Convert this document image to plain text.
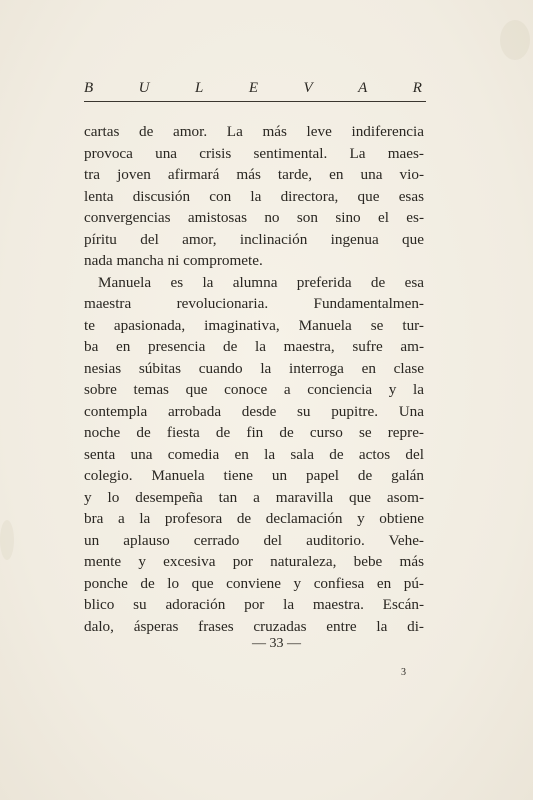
B	U	L	E	V	A	R
cartas de amor. La más leve indiferencia
provoca una crisis sentimental. La maes-
tra joven afirmará más tarde, en una vio-
lenta discusión con la directora, que esas
convergencias amistosas no son sino el es-
píritu del amor, inclinación ingenua que
nada mancha ni compromete.
Manuela es la alumna preferida de esa
maestra revolucionaria. Fundamentalmen-
te apasionada, imaginativa, Manuela se tur-
ba en presencia de la maestra, sufre am-
nesias súbitas cuando la interroga en clase
sobre temas que conoce a conciencia y la
contempla arrobada desde su pupitre. Una
noche de fiesta de fin de curso se repre-
senta una comedia en la sala de actos del
colegio. Manuela tiene un papel de galán
y lo desempeña tan a maravilla que asom-
bra a la profesora de declamación y obtiene
un aplauso cerrado del auditorio. Vehe-
mente y excesiva por naturaleza, bebe más
ponche de lo que conviene y confiesa en pú-
blico su adoración por la maestra. Escán-
dalo, ásperas frases cruzadas entre la di-
— 33 —
3
